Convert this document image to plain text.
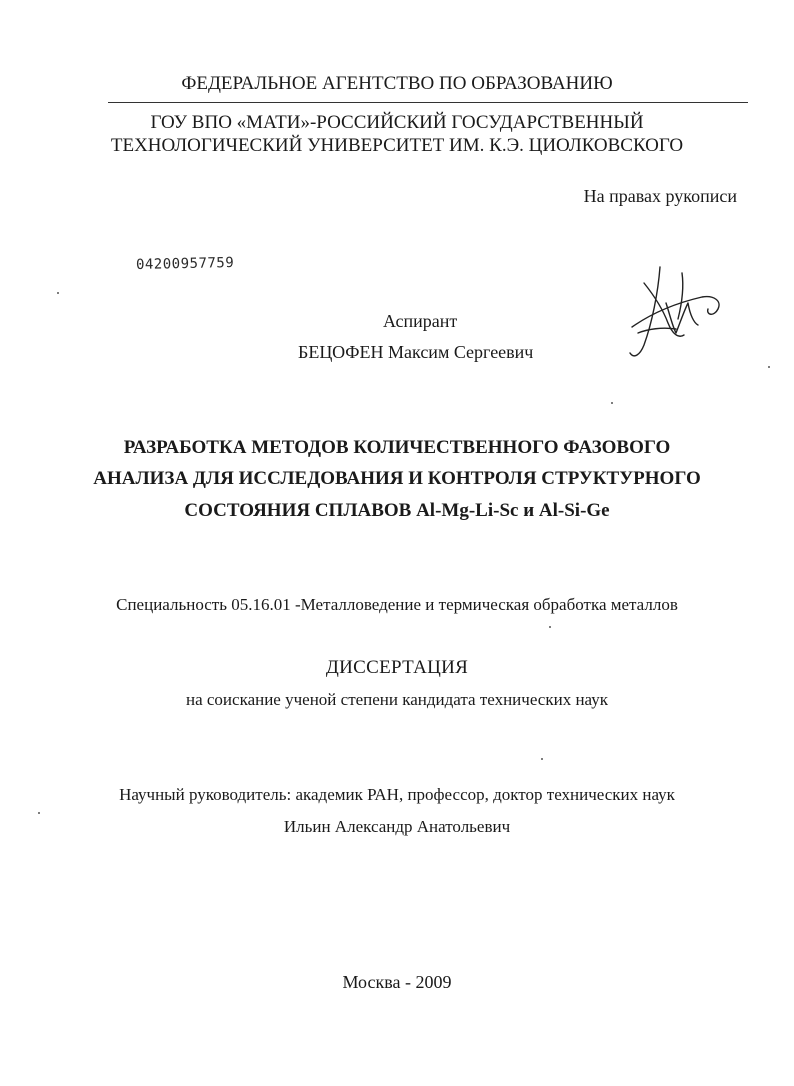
ФЕДЕРАЛЬНОЕ АГЕНТСТВО ПО ОБРАЗОВАНИЮ
ГОУ ВПО «МАТИ»-РОССИЙСКИЙ ГОСУДАРСТВЕННЫЙ
ТЕХНОЛОГИЧЕСКИЙ УНИВЕРСИТЕТ ИМ. К.Э. ЦИОЛКОВСКОГО
На правах рукописи
04200957759
Аспирант
БЕЦОФЕН Максим Сергеевич
РАЗРАБОТКА МЕТОДОВ КОЛИЧЕСТВЕННОГО ФАЗОВОГО
АНАЛИЗА ДЛЯ ИССЛЕДОВАНИЯ И КОНТРОЛЯ СТРУКТУРНОГО
СОСТОЯНИЯ СПЛАВОВ Al-Mg-Li-Sc и Al-Si-Ge
Специальность 05.16.01 -Металловедение и термическая обработка металлов
ДИССЕРТАЦИЯ
на соискание ученой степени кандидата технических наук
Научный руководитель: академик РАН, профессор, доктор технических наук
Ильин Александр Анатольевич
Москва - 2009
